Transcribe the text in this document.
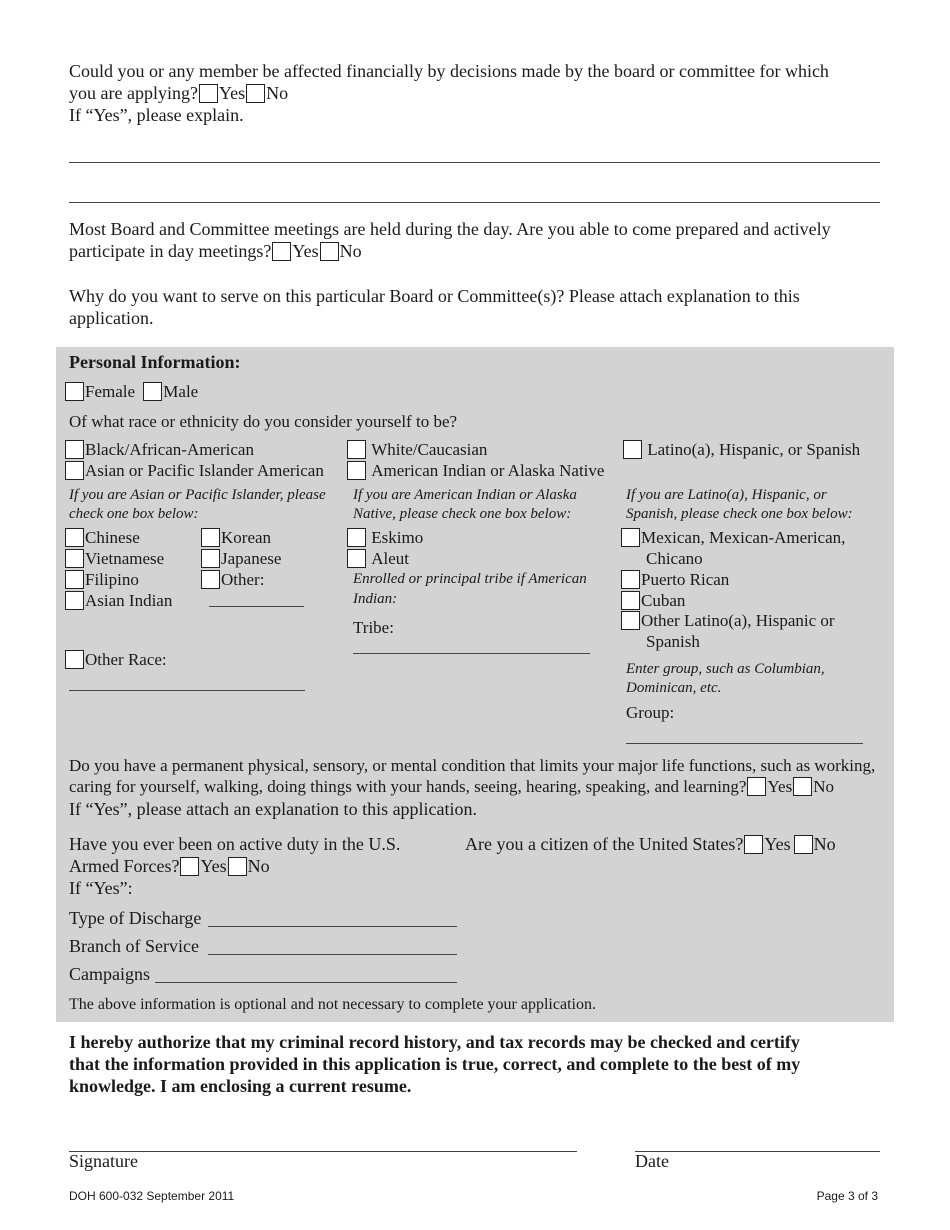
Could you or any member be affected financially by decisions made by the board or committee for which
you are applying? Yes No
If “Yes”, please explain.
Most Board and Committee meetings are held during the day. Are you able to come prepared and actively
participate in day meetings? Yes No
Why do you want to serve on this particular Board or Committee(s)? Please attach explanation to this
application.
Personal Information:
Female Male
Of what race or ethnicity do you consider yourself to be?
Black/African-American
Asian or Pacific Islander American
If you are Asian or Pacific Islander, please
check one box below:
Chinese
Vietnamese
Filipino
Asian Indian
Korean
Japanese
Other:
Other Race:
White/Caucasian
American Indian or Alaska Native
If you are American Indian or Alaska
Native, please check one box below:
Eskimo
Aleut
Enrolled or principal tribe if American
Indian:
Tribe:
Latino(a), Hispanic, or Spanish
If you are Latino(a), Hispanic, or
Spanish, please check one box below:
Mexican, Mexican-American,
Chicano
Puerto Rican
Cuban
Other Latino(a), Hispanic or
Spanish
Enter group, such as Columbian,
Dominican, etc.
Group:
Do you have a permanent physical, sensory, or mental condition that limits your major life functions, such as working,
caring for yourself, walking, doing things with your hands, seeing, hearing, speaking, and learning? Yes No
If “Yes”, please attach an explanation to this application.
Have you ever been on active duty in the U.S.
Armed Forces? Yes No
If “Yes”:
Type of Discharge
Branch of Service
Campaigns
Are you a citizen of the United States? Yes No
The above information is optional and not necessary to complete your application.
I hereby authorize that my criminal record history, and tax records may be checked and certify
that the information provided in this application is true, correct, and complete to the best of my
knowledge. I am enclosing a current resume.
Signature	Date
DOH 600-032 September 2011	Page 3 of 3
